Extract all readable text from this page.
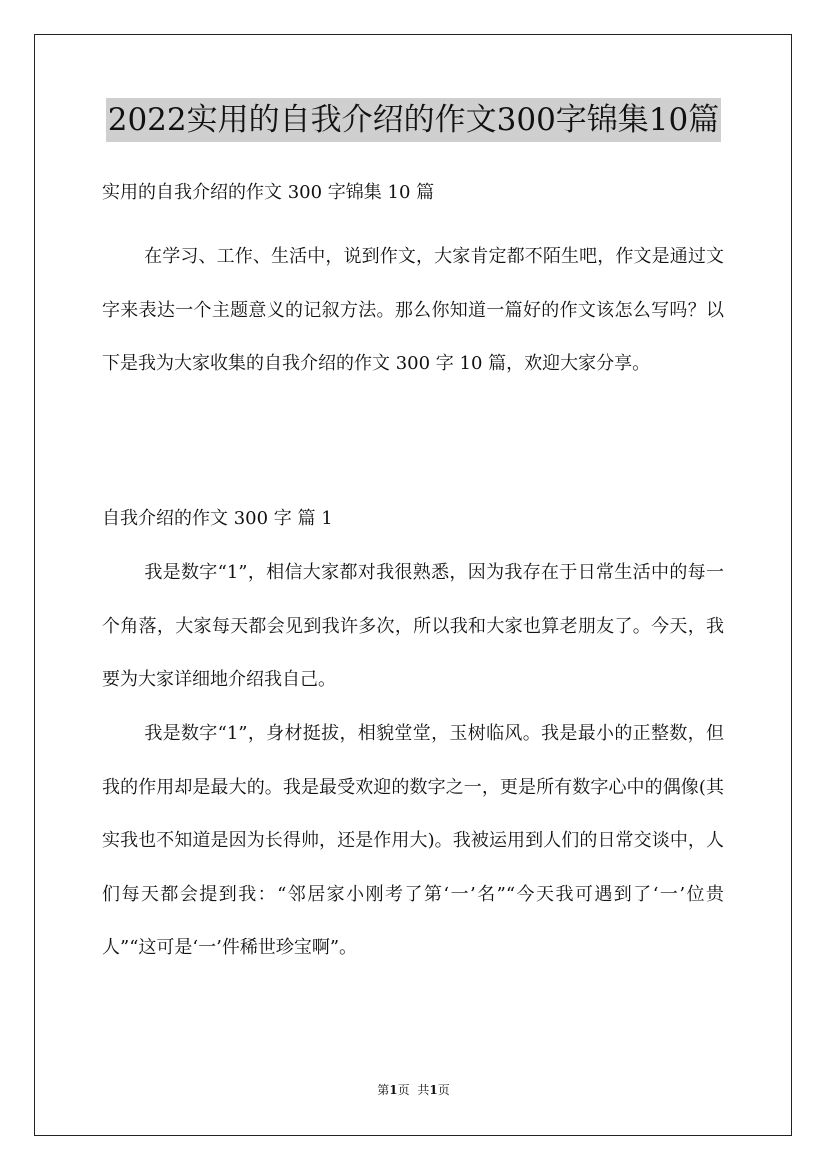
2022实用的自我介绍的作文300字锦集10篇
实用的自我介绍的作文 300 字锦集 10 篇

在学习、工作、生活中，说到作文，大家肯定都不陌生吧，作文是通过文字来表达一个主题意义的记叙方法。那么你知道一篇好的作文该怎么写吗？以下是我为大家收集的自我介绍的作文 300 字 10 篇，欢迎大家分享。

自我介绍的作文 300 字 篇 1

我是数字“1”，相信大家都对我很熟悉，因为我存在于日常生活中的每一个角落，大家每天都会见到我许多次，所以我和大家也算老朋友了。今天，我要为大家详细地介绍我自己。

我是数字“1”，身材挺拔，相貌堂堂，玉树临风。我是最小的正整数，但我的作用却是最大的。我是最受欢迎的数字之一，更是所有数字心中的偶像(其实我也不知道是因为长得帅，还是作用大)。我被运用到人们的日常交谈中，人们每天都会提到我：“邻居家小刚考了第‘一’名”“今天我可遇到了‘一’位贵人”“这可是‘一’件稀世珍宝啊”。

第1页 共1页
